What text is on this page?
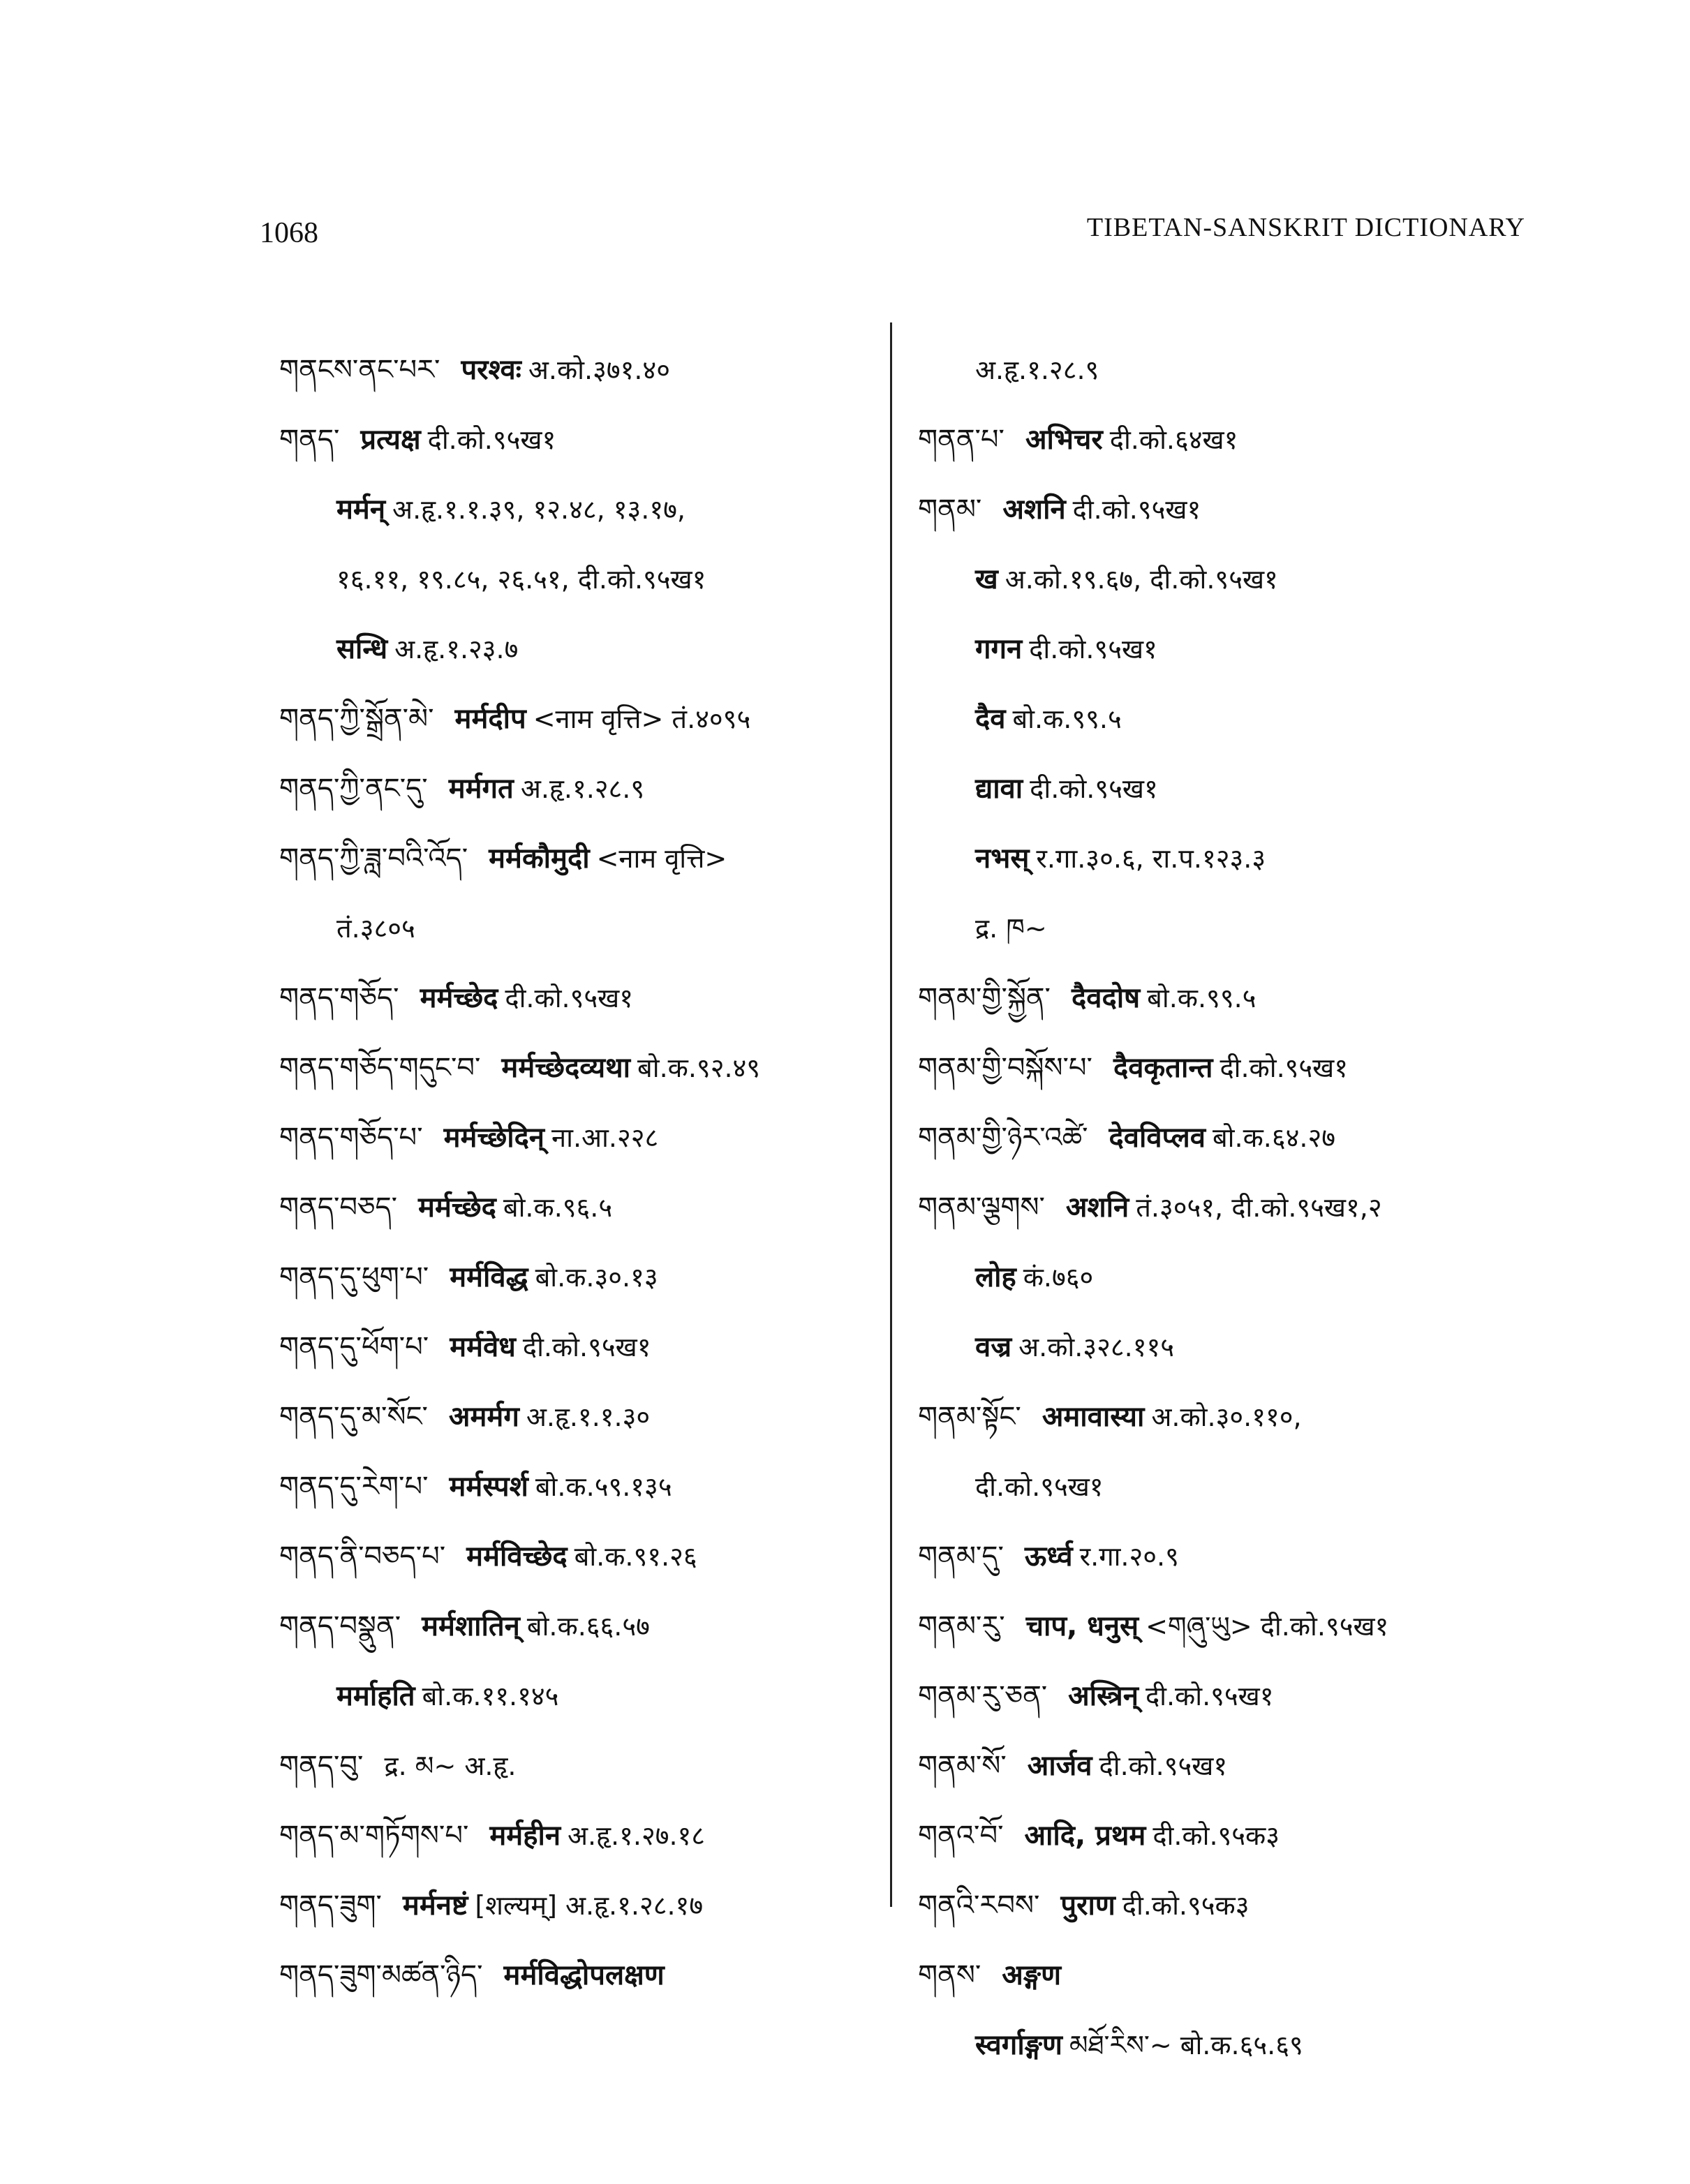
1068	TIBETAN-SANSKRIT DICTIONARY
གནངས་ནང་པར་ परश्वः अ.को.३७१.४०
གནད་ प्रत्यक्ष दी.को.९५ख१
मर्मन् अ.हृ.१.१.३९, १२.४८, १३.१७,
१६.११, १९.८५, २६.५१, दी.को.९५ख१
सन्धि अ.हृ.१.२३.७
གནད་ཀྱི་སྒྲོན་མེ་ मर्मदीप <नाम वृत्ति> तं.४०९५
གནད་ཀྱི་ནང་དུ་ मर्मगत अ.हृ.१.२८.९
གནད་ཀྱི་ཟླ་བའི་འོད་ मर्मकौमुदी <नाम वृत्ति>
तं.३८०५
གནད་གཅོད་ मर्मच्छेद दी.को.९५ख१
གནད་གཅོད་གདུང་བ་ मर्मच्छेदव्यथा बो.क.९२.४९
གནད་གཅོད་པ་ मर्मच्छेदिन् ना.आ.२२८
གནད་བཅད་ मर्मच्छेद बो.क.९६.५
གནད་དུ་ཕུག་པ་ मर्मविद्ध बो.क.३०.१३
གནད་དུ་ཕོག་པ་ मर्मवेध दी.को.९५ख१
གནད་དུ་མ་སོང་ अमर्मग अ.हृ.१.१.३०
གནད་དུ་རེག་པ་ मर्मस्पर्श बो.क.५९.१३५
གནད་ནི་བཅད་པ་ मर्मविच्छेद बो.क.९१.२६
གནད་བསྣུན་ मर्मशातिन् बो.क.६६.५७
मर्माहति बो.क.११.१४५
གནད་བུ་ द्र. མ~ अ.हृ.
གནད་མ་གཏོགས་པ་ मर्महीन अ.हृ.१.२७.१८
གནད་ཟུག་ मर्मनष्टं [शल्यम्] अ.हृ.१.२८.१७
གནད་ཟུག་མཚན་ཉིད་ मर्मविद्धोपलक्षण
अ.हृ.१.२८.९
གནན་པ་ अभिचर दी.को.६४ख१
གནམ་ अशनि दी.को.९५ख१
ख अ.को.१९.६७, दी.को.९५ख१
गगन दी.को.९५ख१
दैव बो.क.९९.५
द्यावा दी.को.९५ख१
नभस् र.गा.३०.६, रा.प.१२३.३
द्र. ཁ~
གནམ་གྱི་སྐྱོན་ दैवदोष बो.क.९९.५
གནམ་གྱི་བསྐོས་པ་ दैवकृतान्त दी.को.९५ख१
གནམ་གྱི་ཉེར་འཚེ་ देवविप्लव बो.क.६४.२७
གནམ་ལྕགས་ अशनि तं.३०५१, दी.को.९५ख१,२
लोह कं.७६०
वज्र अ.को.३२८.११५
གནམ་སྟོང་ अमावास्या अ.को.३०.११०,
दी.को.९५ख१
གནམ་དུ་ ऊर्ध्व र.गा.२०.९
གནམ་རུ་ चाप, धनुस् <གཞུ་ཡུ> दी.को.९५ख१
གནམ་རུ་ཅན་ अस्त्रिन् दी.को.९५ख१
གནམ་སོ་ आर्जव दी.को.९५ख१
གནའ་བོ་ आदि, प्रथम दी.को.९५क३
གནའི་རབས་ पुराण दी.को.९५क३
གནས་ अङ्गण
स्वर्गाङ्गण མཐོ་རིས་~ बो.क.६५.६९
